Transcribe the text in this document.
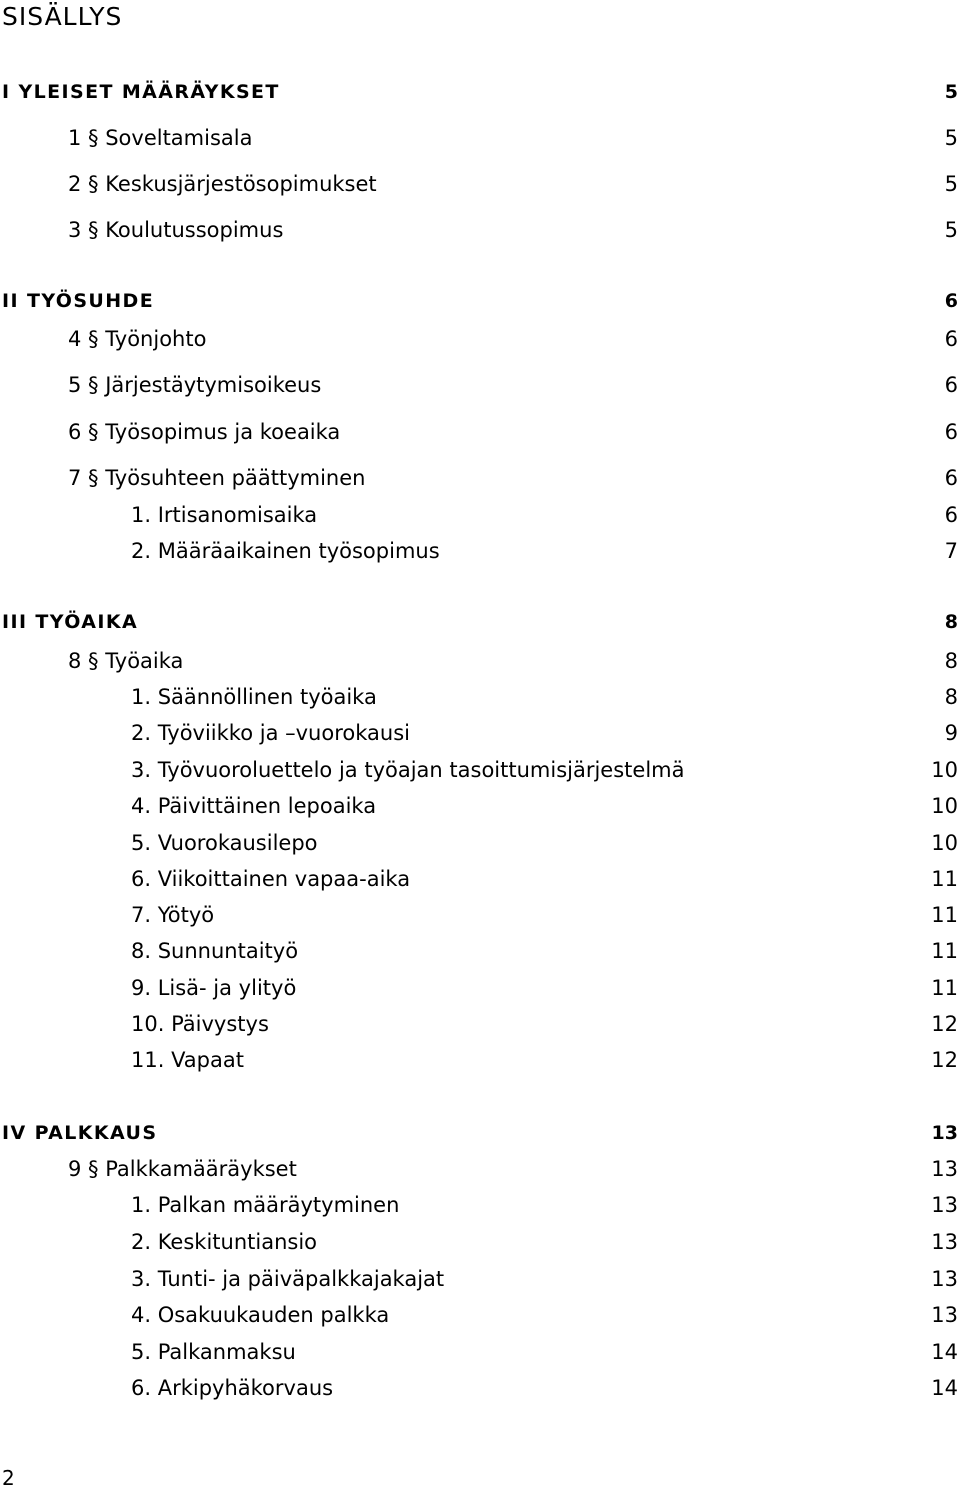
SISÄLLYS
I YLEISET MÄÄRÄYKSET	5
1 § Soveltamisala	5
2 § Keskusjärjestösopimukset	5
3 § Koulutussopimus	5
II TYÖSUHDE	6
4 § Työnjohto	6
5 § Järjestäytymisoikeus	6
6 § Työsopimus ja koeaika	6
7 § Työsuhteen päättyminen	6
1. Irtisanomisaika	6
2. Määräaikainen työsopimus	7
III TYÖAIKA	8
8 § Työaika	8
1. Säännöllinen työaika	8
2. Työviikko ja –vuorokausi	9
3. Työvuoroluettelo ja työajan tasoittumisjärjestelmä	10
4. Päivittäinen lepoaika	10
5. Vuorokausilepo	10
6. Viikoittainen vapaa-aika	11
7. Yötyö	11
8. Sunnuntaityö	11
9. Lisä- ja ylityö	11
10. Päivystys	12
11. Vapaat	12
IV PALKKAUS	13
9 § Palkkamääräykset	13
1. Palkan määräytyminen	13
2. Keskituntiansio	13
3. Tunti- ja päiväpalkkajakajat	13
4. Osakuukauden palkka	13
5. Palkanmaksu	14
6. Arkipyhäkorvaus	14
2
